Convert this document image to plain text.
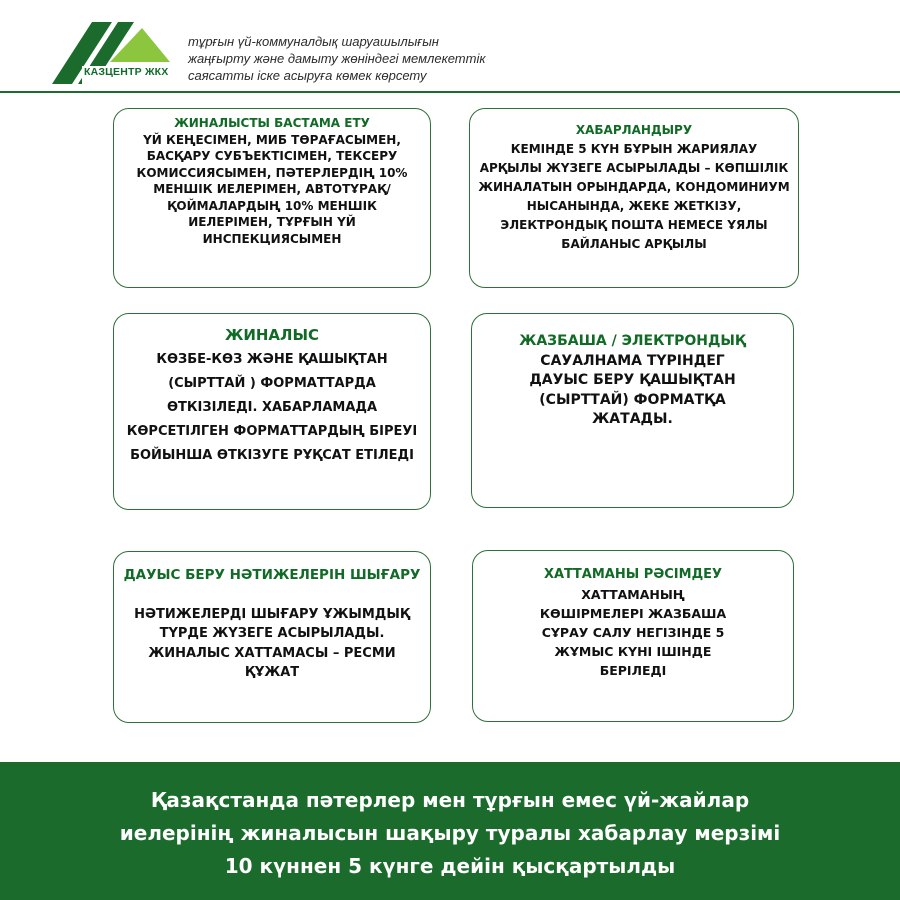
КАЗЦЕНТР ЖКХ
тұрғын үй-коммуналдық шаруашылығын
жаңғырту және дамыту жөніндегі мемлекеттік
саясатты іске асыруға көмек көрсету
ЖИНАЛЫСТЫ БАСТАМА ЕТУ
ҮЙ КЕҢЕСІМЕН, МИБ ТӨРАҒАСЫМЕН, БАСҚАРУ СУБЪЕКТІСІМЕН, ТЕКСЕРУ КОМИССИЯСЫМЕН, ПӘТЕРЛЕРДІҢ 10% МЕНШІК ИЕЛЕРІМЕН, АВТОТҰРАҚ/ҚОЙМАЛАРДЫҢ 10% МЕНШІК ИЕЛЕРІМЕН, ТҰРҒЫН ҮЙ ИНСПЕКЦИЯСЫМЕН
ХАБАРЛАНДЫРУ
КЕМІНДЕ 5 КҮН БҰРЫН ЖАРИЯЛАУ АРҚЫЛЫ ЖҮЗЕГЕ АСЫРЫЛАДЫ – КӨПШІЛІК ЖИНАЛАТЫН ОРЫНДАРДА, КОНДОМИНИУМ НЫСАНЫНДА, ЖЕКЕ ЖЕТКІЗУ, ЭЛЕКТРОНДЫҚ ПОШТА НЕМЕСЕ ҰЯЛЫ БАЙЛАНЫС АРҚЫЛЫ
ЖИНАЛЫС
КӨЗБЕ-КӨЗ ЖӘНЕ ҚАШЫҚТАН (СЫРТТАЙ ) ФОРМАТТАРДА ӨТКІЗІЛЕДІ. ХАБАРЛАМАДА КӨРСЕТІЛГЕН ФОРМАТТАРДЫҢ БІРЕУІ БОЙЫНША ӨТКІЗУГЕ РҰҚСАТ ЕТІЛЕДІ
ЖАЗБАША / ЭЛЕКТРОНДЫҚ
САУАЛНАМА ТҮРІНДЕГ ДАУЫС БЕРУ ҚАШЫҚТАН (СЫРТТАЙ) ФОРМАТҚА ЖАТАДЫ.
ДАУЫС БЕРУ НӘТИЖЕЛЕРІН ШЫҒАРУ
НӘТИЖЕЛЕРДІ ШЫҒАРУ ҰЖЫМДЫҚ ТҮРДЕ ЖҮЗЕГЕ АСЫРЫЛАДЫ. ЖИНАЛЫС ХАТТАМАСЫ – РЕСМИ ҚҰЖАТ
ХАТТАМАНЫ РӘСІМДЕУ
ХАТТАМАНЫҢ КӨШІРМЕЛЕРІ ЖАЗБАША СҰРАУ САЛУ НЕГІЗІНДЕ 5 ЖҰМЫС КҮНІ ІШІНДЕ БЕРІЛЕДІ
Қазақстанда пәтерлер мен тұрғын емес үй-жайлар
иелерінің жиналысын шақыру туралы хабарлау мерзімі
10 күннен 5 күнге дейін қысқартылды
